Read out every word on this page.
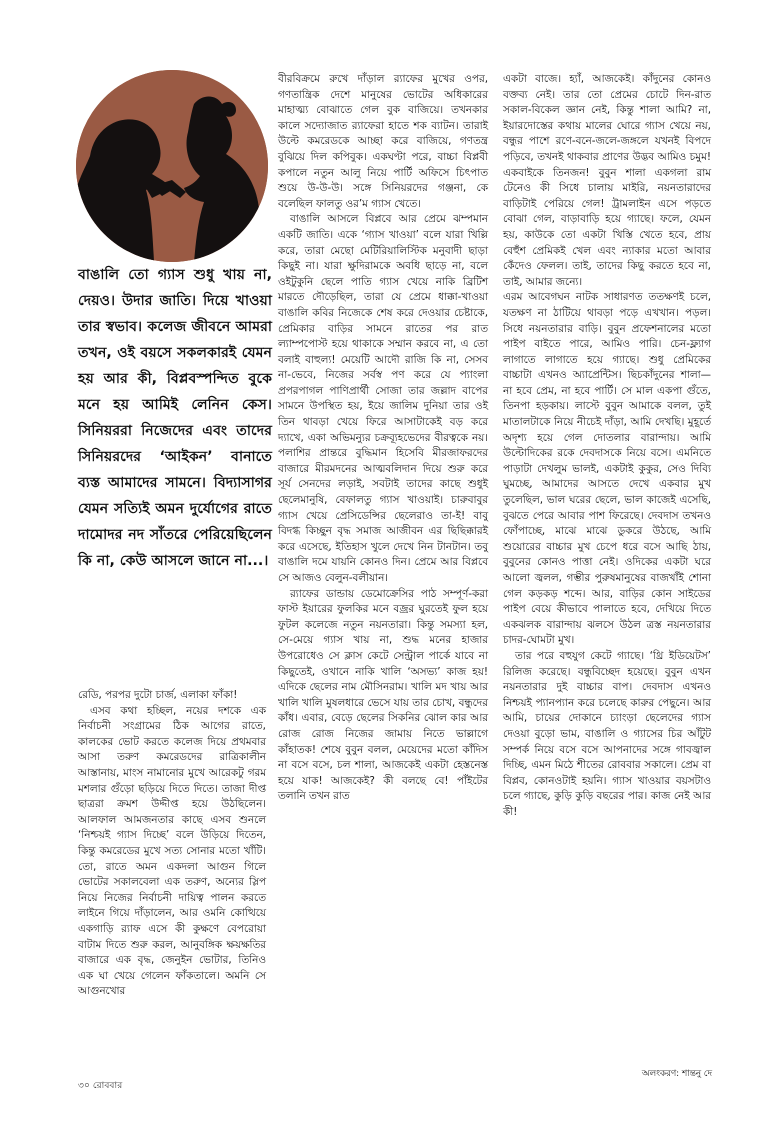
বাঙালি তো গ্যাস শুধু খায় না, দেয়ও। উদার জাতি। দিয়ে খাওয়া তার স্বভাব। কলেজ জীবনে আমরা তখন, ওই বয়সে সকলকারই যেমন হয় আর কী, বিপ্লবস্পন্দিত বুকে মনে হয় আমিই লেনিন কেস। সিনিয়ররা নিজেদের এবং তাদের সিনিয়রদের ‘আইকন’ বানাতে ব্যস্ত আমাদের সামনে। বিদ্যাসাগর যেমন সত্যিই অমন দুর্যোগের রাতে দামোদর নদ সাঁতরে পেরিয়েছিলেন কি না, কেউ আসলে জানে না...।

রেডি, পরপর দুটো চার্জ, এলাকা ফাঁকা!

এসব কথা হচ্ছিল, নয়ের দশকে এক নির্বাচনী সংগ্রামের ঠিক আগের রাতে, কালকের ভোট করতে কলেজ দিয়ে প্রথমবার আসা তরুণ কমরেডদের রাত্রিকালীন আস্তানায়, মাংস নামানোর মুখে আরেকটু গরম মশলার গুঁড়ো ছড়িয়ে দিতে দিতে। তাজা দীপ্ত ছাত্ররা ক্রমশ উদ্দীপ্ত হয়ে উঠছিলেন। আলফাল আমজনতার কাছে এসব শুনলে ‘নিশ্চয়ই গ্যাস দিচ্ছে’ বলে উড়িয়ে দিতেন, কিন্তু কমরেডের মুখে সত্য সোনার মতো খাঁটি। তো, রাতে অমন একদলা আগুন গিলে ভোটের সকালবেলা এক তরুণ, অন্যের স্লিপ নিয়ে নিজের নির্বাচনী দায়িত্ব পালন করতে লাইনে গিয়ে দাঁড়ালেন, আর ওমনি কোত্থিয়ে একগাড়ি র‍্যাফ এসে কী কুক্ষণে বেপরোয়া বাটাম দিতে শুরু করল, আনুবঙ্গিক ক্ষয়ক্ষতির বাজারে এক বৃদ্ধ, জেনুইন ভোটার, তিনিও এক ঘা খেয়ে গেলেন ফাঁকতালে। অমনি সে আগুনখোর

বীরবিক্রমে রুখে দাঁড়াল র‍্যাফের মুখের ওপর, গণতান্ত্রিক দেশে মানুষের ভোটের অধিকারের মাহাত্ম্য বোঝাতে গেল বুক বাজিয়ে। তখনকার কালে সদ্যোজাত র‍্যাফেরা হাতে শক ব্যাটন। তারাই উল্টে কমরেডকে আচ্ছা করে বাজিয়ে, গণতন্ত্র বুঝিয়ে দিল কপিবুক। একঘণ্টা পরে, বাচ্চা বিপ্লবী কপালে নতুন আলু নিয়ে পার্টি অফিসে চিৎপাত শুয়ে উ-উ-উ। সঙ্গে সিনিয়রদের গঞ্জনা, কে বলেছিল ফালতু ওর’ম গ্যাস খেতে।

বাঙালি আসলে বিপ্লবে আর প্রেমে ঝম্পমান একটি জাতি। একে ‘গ্যাস খাওয়া’ বলে যারা খিল্লি করে, তারা মেছো মেটিরিয়ালিস্টিক মনুবাদী ছাড়া কিছুই না। যারা ক্ষুদিরামকে অবধি ছাড়ে না, বলে ওইটুকুনি ছেলে পাতি গ্যাস খেয়ে নাকি ব্রিটিশ মারতে দৌড়েছিল, তারা যে প্রেমে ধাক্কা-খাওয়া বাঙালি কবির নিজেকে শেষ করে দেওয়ার চেষ্টাকে, প্রেমিকার বাড়ির সামনে রাতের পর রাত ল্যাম্পপোস্ট হয়ে থাকাকে সম্মান করবে না, এ তো বলাই বাহুল্য! মেয়েটি আদৌ রাজি কি না, সেসব না-ভেবে, নিজের সর্বস্ব পণ করে যে প্যাংলা প্রপরপাগল পাণিপ্রার্থী সোজা তার জল্লাদ বাপের সামনে উপস্থিত হয়, ইয়ে জালিম দুনিয়া তার ওই তিন থাবড়া খেয়ে ফিরে আসাটাকেই বড় করে দ্যাখে, একা অভিমন্যুর চক্রব্যূহভেদের বীরত্বকে নয়। পলাশির প্রান্তরে বুদ্ধিমান হিসেবি মীরজাফরদের বাজারে মীরমদনের আত্মবলিদান দিয়ে শুরু করে সূর্য সেনদের লড়াই, সবটাই তাদের কাছে শুধুই ছেলেমানুষি, বেফালতু গ্যাস খাওয়াই। চারুবাবুর গ্যাস খেয়ে প্রেসিডেন্সির ছেলেরাও তা-ই! বাবু বিদগ্ধ কিচ্ছুন বৃদ্ধ সমাজ আজীবন এর ছিছিক্কারই করে এসেছে, ইতিহাস খুলে দেখে নিন টানটান। তবু বাঙালি দমে যায়নি কোনও দিন। প্রেমে আর বিপ্লবে সে আজও বেলুন-বলীয়ান।

র‍্যাফের ডান্ডায় ডেমোক্রেসির পাঠ সম্পূর্ণ-করা ফাস্ট ইয়ারের ফুলকির মনে বজ্রর ঘুরতেই ফুল হয়ে ফুটল কলেজে নতুন নয়নতারা। কিন্তু সমস্যা হল, সে-মেয়ে গ্যাস খায় না, শুদ্ধ মনের হাজার উপরোধেও সে ক্লাস কেটে সেন্ট্রাল পার্কে যাবে না কিছুতেই, ওখানে নাকি খালি ‘অসভ্য’ কাজ হয়! এদিকে ছেলের নাম মৌসিনরাম। খালি মদ খায় আর খালি খালি মুষলধারে ভেসে যায় তার চোখ, বন্ধুদের কাঁধ। এবার, বেড়ে ছেলের সিকনির ঝোল কার আর রোজ রোজ নিজের জামায় নিতে ভাল্লাগে কাঁহাতক! শেষে বুবুন বলল, মেয়েদের মতো কাঁদিস না বসে বসে, চল শালা, আজকেই একটা হেস্তনেস্ত হয়ে যাক! আজকেই? কী বলছে বে! পাঁইটের তলানি তখন রাত

একটা বাজে। হ্যাঁ, আজকেই। কাঁদুনের কোনও বক্তব্য নেই। তার তো প্রেমের চোটে দিন-রাত সকাল-বিকেল জ্ঞান নেই, কিন্তু শালা আমি? না, ইয়ারদোস্তের কথায় মালের ঘোরে গ্যাস খেয়ে নয়, বন্ধুর পাশে রণে-বনে-জলে-জঙ্গলে যখনই বিপদে পড়িবে, তখনই থাকবার প্রাণের উদ্ভব আমিও চমুম! একবাইকে তিনজন! বুবুন শালা একগলা রাম টেনেও কী সিধে চালায় মাইরি, নয়নতারাদের বাড়িটাই পেরিয়ে গেল! ট্রামলাইন এসে পড়তে বোঝা গেল, বাড়াবাড়ি হয়ে গ্যাছে। ফলে, যেমন হয়, কাউকে তো একটা খিস্তি খেতে হবে, প্রায় বেহুঁশ প্রেমিকই খেল এবং ন্যাকার মতো আবার কেঁদেও ফেলল। তাই, তাদের কিছু করতে হবে না, তাই, আমার জন্যে।

এরম আবেগঘন নাটক সাধারণত ততক্ষণই চলে, যতক্ষণ না ঠাটিয়ে থাবড়া পড়ে এখখান। পড়ল। সিধে নয়নতারার বাড়ি। বুবুন প্রফেশনালের মতো পাইপ বাইতে পারে, আমিও পারি। চেন-ফ্ল্যাগ লাগাতে লাগাতে হয়ে গ্যাছে। শুধু প্রেমিকের বাচ্চাটা এখনও অ্যাপ্রেন্টিস। ছিচকাঁদুনের শালা— না হবে প্রেম, না হবে পার্টি। সে মাল একপা গুঁতে, তিনপা হড়কায়। লাস্টে বুবুন আমাকে বলল, তুই মাতালটাকে নিয়ে নীচেই দাঁড়া, আমি দেখছি। মুহূর্তে অদৃশ্য হয়ে গেল দোতলার বারান্দায়। আমি উল্টোদিকের রকে দেবদাসকে নিয়ে বসে। এমনিতে পাড়াটা দেখলুম ভালই, একটাই কুকুর, সেও দিব্যি ঘুমচ্ছে, আমাদের আসতে দেখে একবার মুখ তুলেছিল, ভাল ঘরের ছেলে, ভাল কাজেই এসেছি, বুঝতে পেরে আবার পাশ ফিরেছে। দেবদাস তখনও ফোঁপাচ্ছে, মাঝে মাঝে ডুকরে উঠছে, আমি শুয়োরের বাচ্চার মুখ চেপে ধরে বসে আছি ঠায়, বুবুনের কোনও পাত্তা নেই। ওদিকের একটা ঘরে আলো জ্বলল, গম্ভীর পুরুষমানুষের বাজখাঁই শোনা গেল কড়কড় শব্দে। আর, বাড়ির কোন সাইডের পাইপ বেয়ে কীভাবে পালাতে হবে, দেখিয়ে দিতে একঝলক বারান্দায় ঝলসে উঠল ত্রস্ত নয়নতারার চাদর-ঘোমটা মুখ।

তার পরে বহুযুগ কেটে গ্যাছে। ‘থ্রি ইডিয়েটস’ রিলিজ করেছে। বন্ধুবিচ্ছেদ হয়েছে। বুবুন এখন নয়নতারার দুই বাচ্চার বাপ। দেবদাস এখনও নিশ্চয়ই প্যানপ্যান করে চলেছে কারুর পেছুনে। আর আমি, চায়ের দোকানে চ্যাংড়া ছেলেদের গ্যাস দেওয়া বুড়ো ভাম, বাঙালি ও গ্যাসের চির আঁটুট সম্পর্ক নিয়ে বসে বসে আপনাদের সঙ্গে গাবজ্বাল দিচ্ছি, এমন মিঠে শীতের রোববার সকালে। প্রেম বা বিপ্লব, কোনওটাই হয়নি। গ্যাস খাওয়ার বয়সটাও চলে গ্যাছে, কুড়ি কুড়ি বছরের পার। কাজ নেই আর কী!

অলংকরণ: শান্তনু দে
৩০ রোববার
